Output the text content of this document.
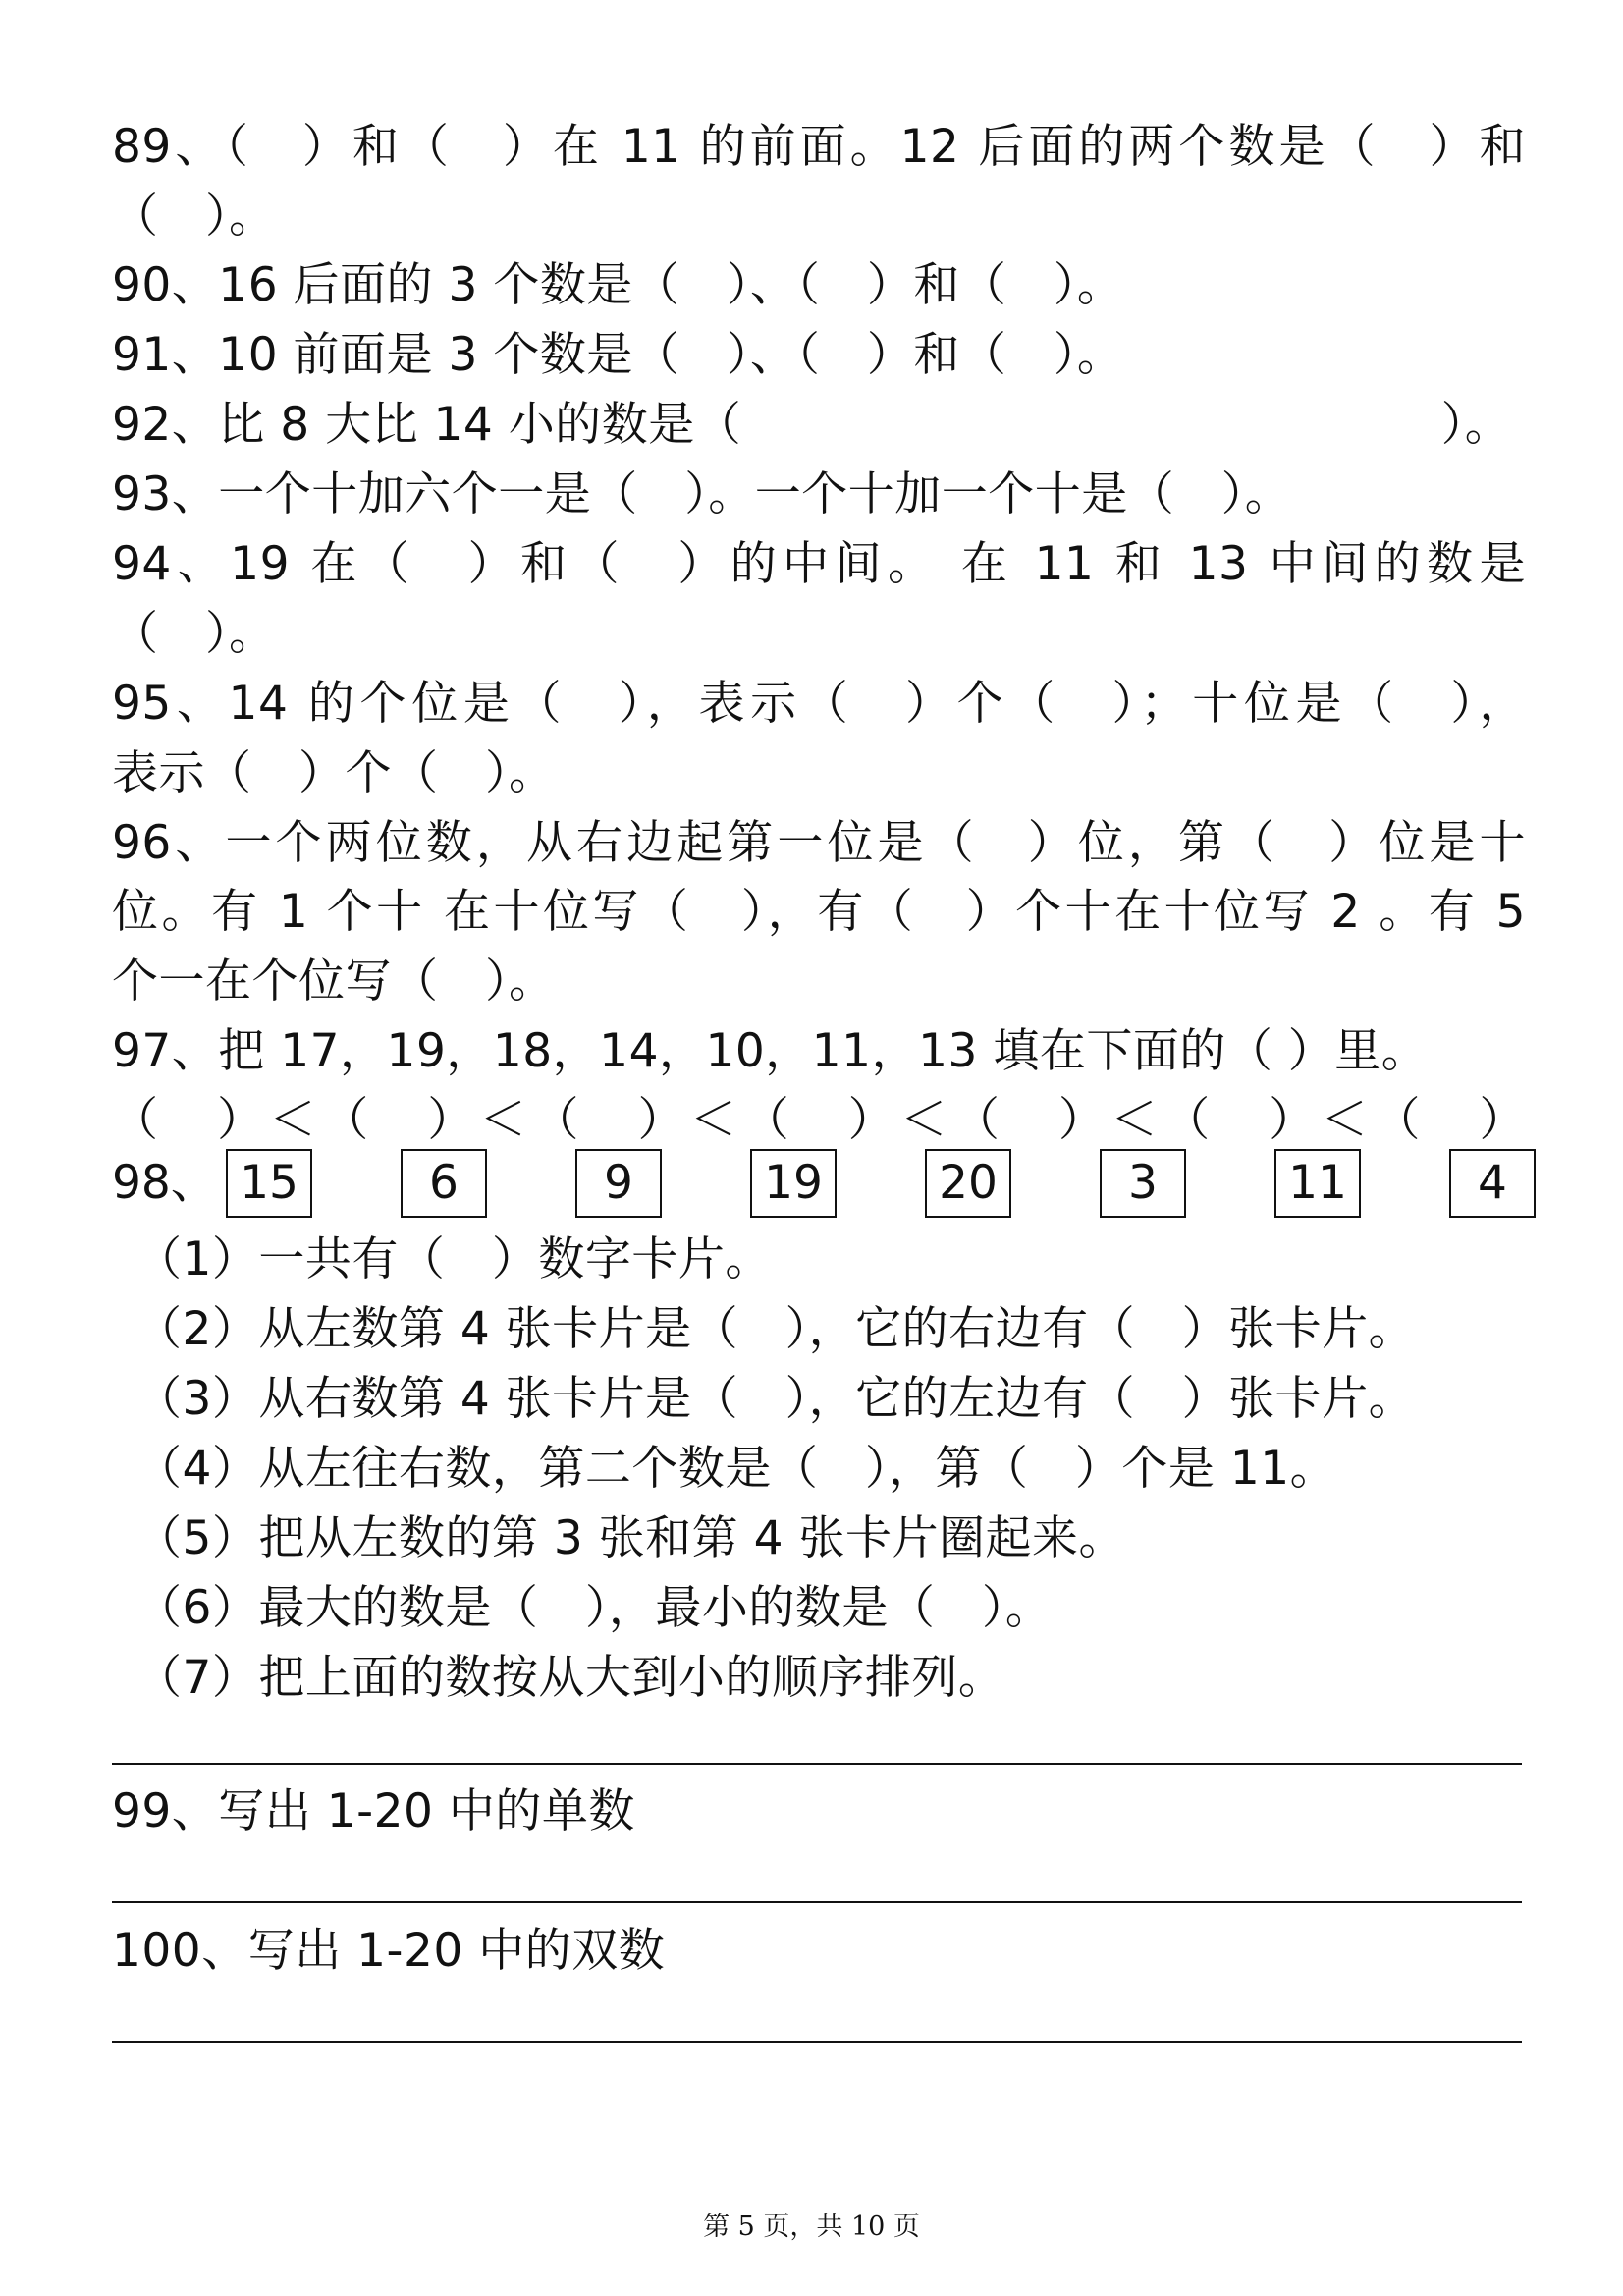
89、（　）和（　）在 11 的前面。12 后面的两个数是（　）和
（　）。
90、16 后面的 3 个数是（　）、（　）和（　）。
91、10 前面是 3 个数是（　）、（　）和（　）。
92、比 8 大比 14 小的数是（　　　　　　　　　　　　　　　）。
93、一个十加六个一是（　）。一个十加一个十是（　）。
94、19 在（　）和（　）的中间。 在 11 和 13 中间的数是
（　）。
95、14 的个位是（　），表示（　）个（　）；十位是（　），
表示（　）个（　）。
96、一个两位数，从右边起第一位是（　）位，第（　）位是十
位。有 1 个十 在十位写（　），有（　）个十在十位写 2 。有 5
个一在个位写（　）。
97、把 17，19，18，14，10，11，13 填在下面的（ ）里。
（　）＜（　）＜（　）＜（　）＜（　）＜（　）＜（　）
98、 15	6	9	19	20	3	11	4
（1）一共有（　）数字卡片。
（2）从左数第 4 张卡片是（　），它的右边有（　）张卡片。
（3）从右数第 4 张卡片是（　），它的左边有（　）张卡片。
（4）从左往右数，第二个数是（　），第（　）个是 11。
（5）把从左数的第 3 张和第 4 张卡片圈起来。
（6）最大的数是（　），最小的数是（　）。
（7）把上面的数按从大到小的顺序排列。
99、写出 1-20 中的单数
100、写出 1-20 中的双数
第 5 页，共 10 页
